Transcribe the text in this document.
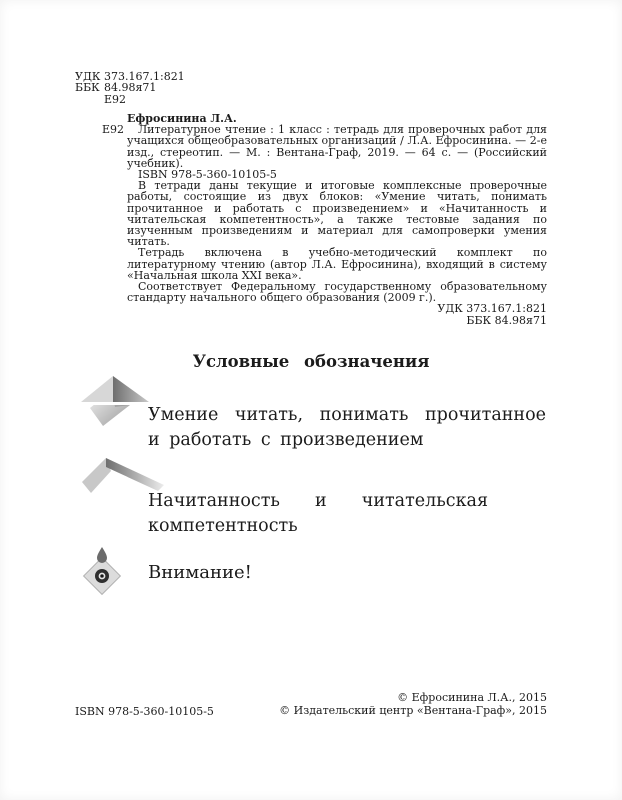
УДК 373.167.1:821
ББК 84.98я71
Е92

Ефросинина Л.А.

Е92 Литературное чтение : 1 класс : тетрадь для проверочных работ для учащихся общеобразовательных организаций / Л.А. Ефросинина. — 2-е изд., стереотип. — М. : Вентана-Граф, 2019. — 64 с. — (Российский учебник).

ISBN 978-5-360-10105-5

В тетради даны текущие и итоговые комплексные проверочные работы, состоящие из двух блоков: «Умение читать, понимать прочитанное и работать с произведением» и «Начитанность и читательская компетентность», а также тестовые задания по изученным произведениям и материал для самопроверки умения читать.

Тетрадь включена в учебно-методический комплект по литературному чтению (автор Л.А. Ефросинина), входящий в систему «Начальная школа XXI века».

Соответствует Федеральному государственному образовательному стандарту начального общего образования (2009 г.).

УДК 373.167.1:821

ББК 84.98я71

Условные обозначения
Умение читать, понимать прочитанное и работать с произведением
Начитанность и читательская компетентность
Внимание!
ISBN 978-5-360-10105-5

© Ефросинина Л.А., 2015

© Издательский центр «Вентана-Граф», 2015
